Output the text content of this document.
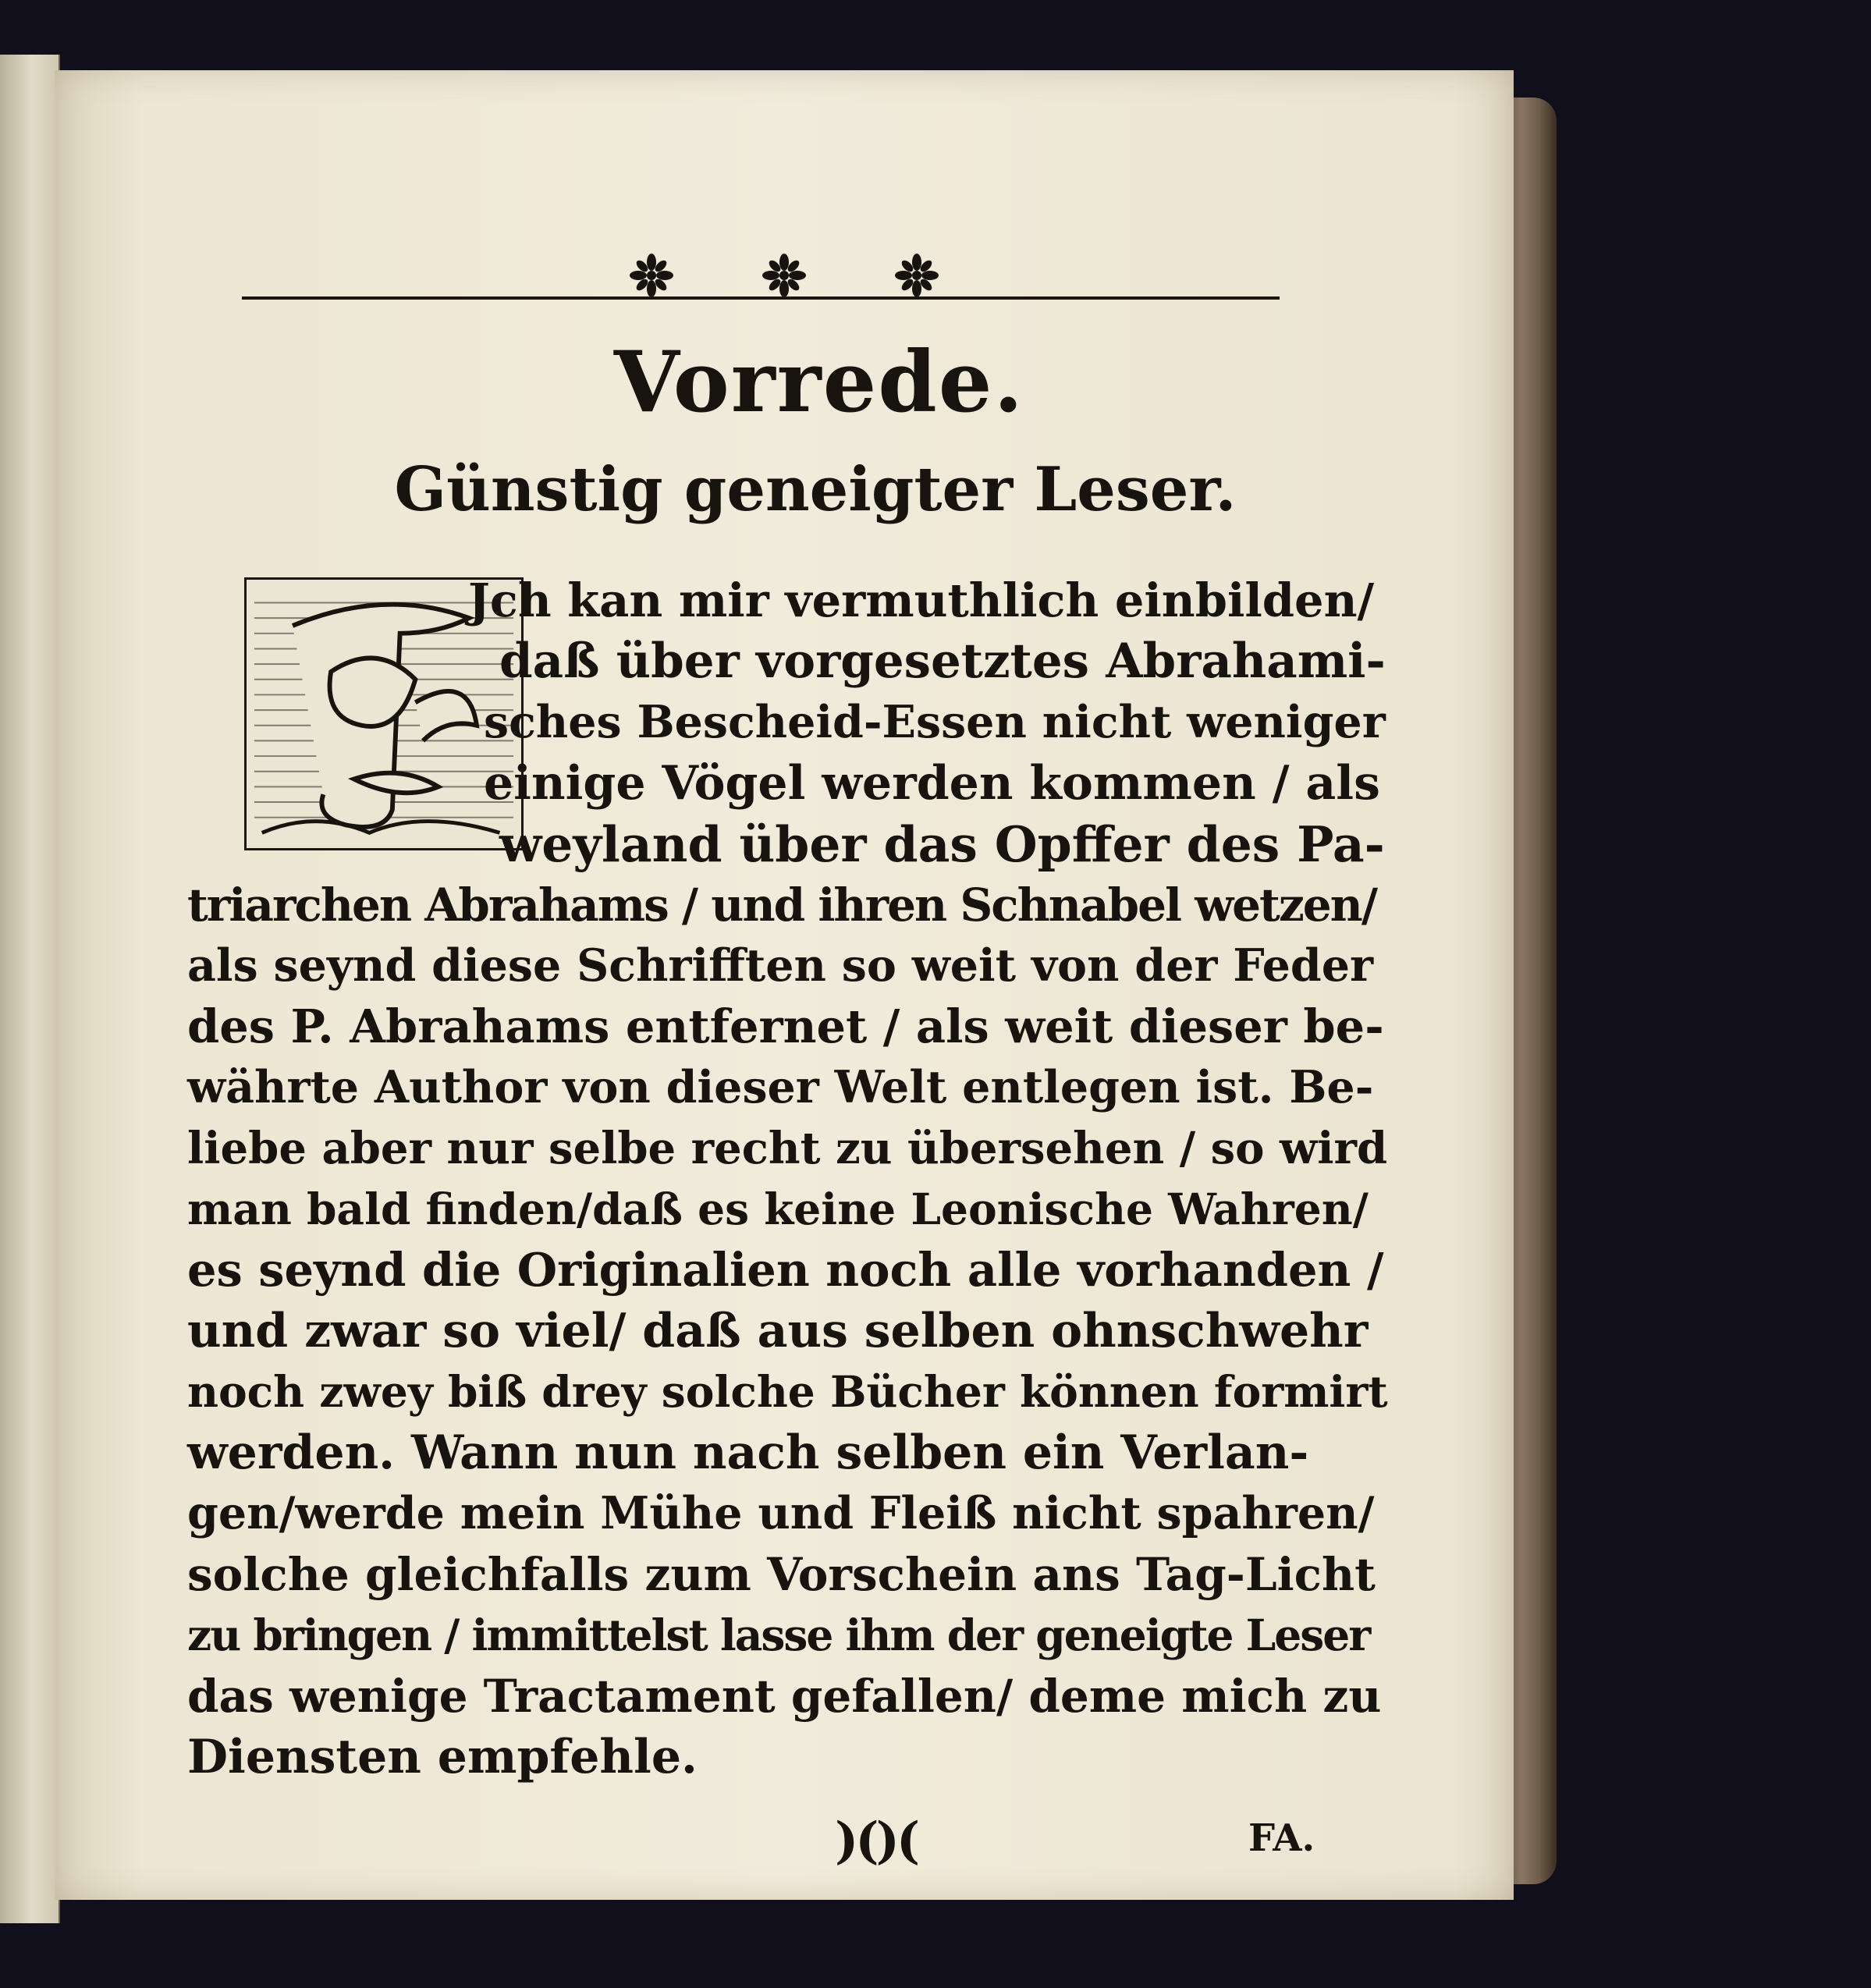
Vorrede.
Günstig geneigter Leser.
Jch kan mir vermuthlich einbilden/
daß über vorgesetztes Abrahami-
sches Bescheid-Essen nicht weniger
einige Vögel werden kommen / als
weyland über das Opffer des Pa-
triarchen Abrahams / und ihren Schnabel wetzen/
als seynd diese Schrifften so weit von der Feder
des P. Abrahams entfernet / als weit dieser be-
währte Author von dieser Welt entlegen ist. Be-
liebe aber nur selbe recht zu übersehen / so wird
man bald finden/daß es keine Leonische Wahren/
es seynd die Originalien noch alle vorhanden /
und zwar so viel/ daß aus selben ohnschwehr
noch zwey biß drey solche Bücher können formirt
werden. Wann nun nach selben ein Verlan-
gen/werde mein Mühe und Fleiß nicht spahren/
solche gleichfalls zum Vorschein ans Tag-Licht
zu bringen / immittelst lasse ihm der geneigte Leser
das wenige Tractament gefallen/ deme mich zu
Diensten empfehle.
)()(	FA.
